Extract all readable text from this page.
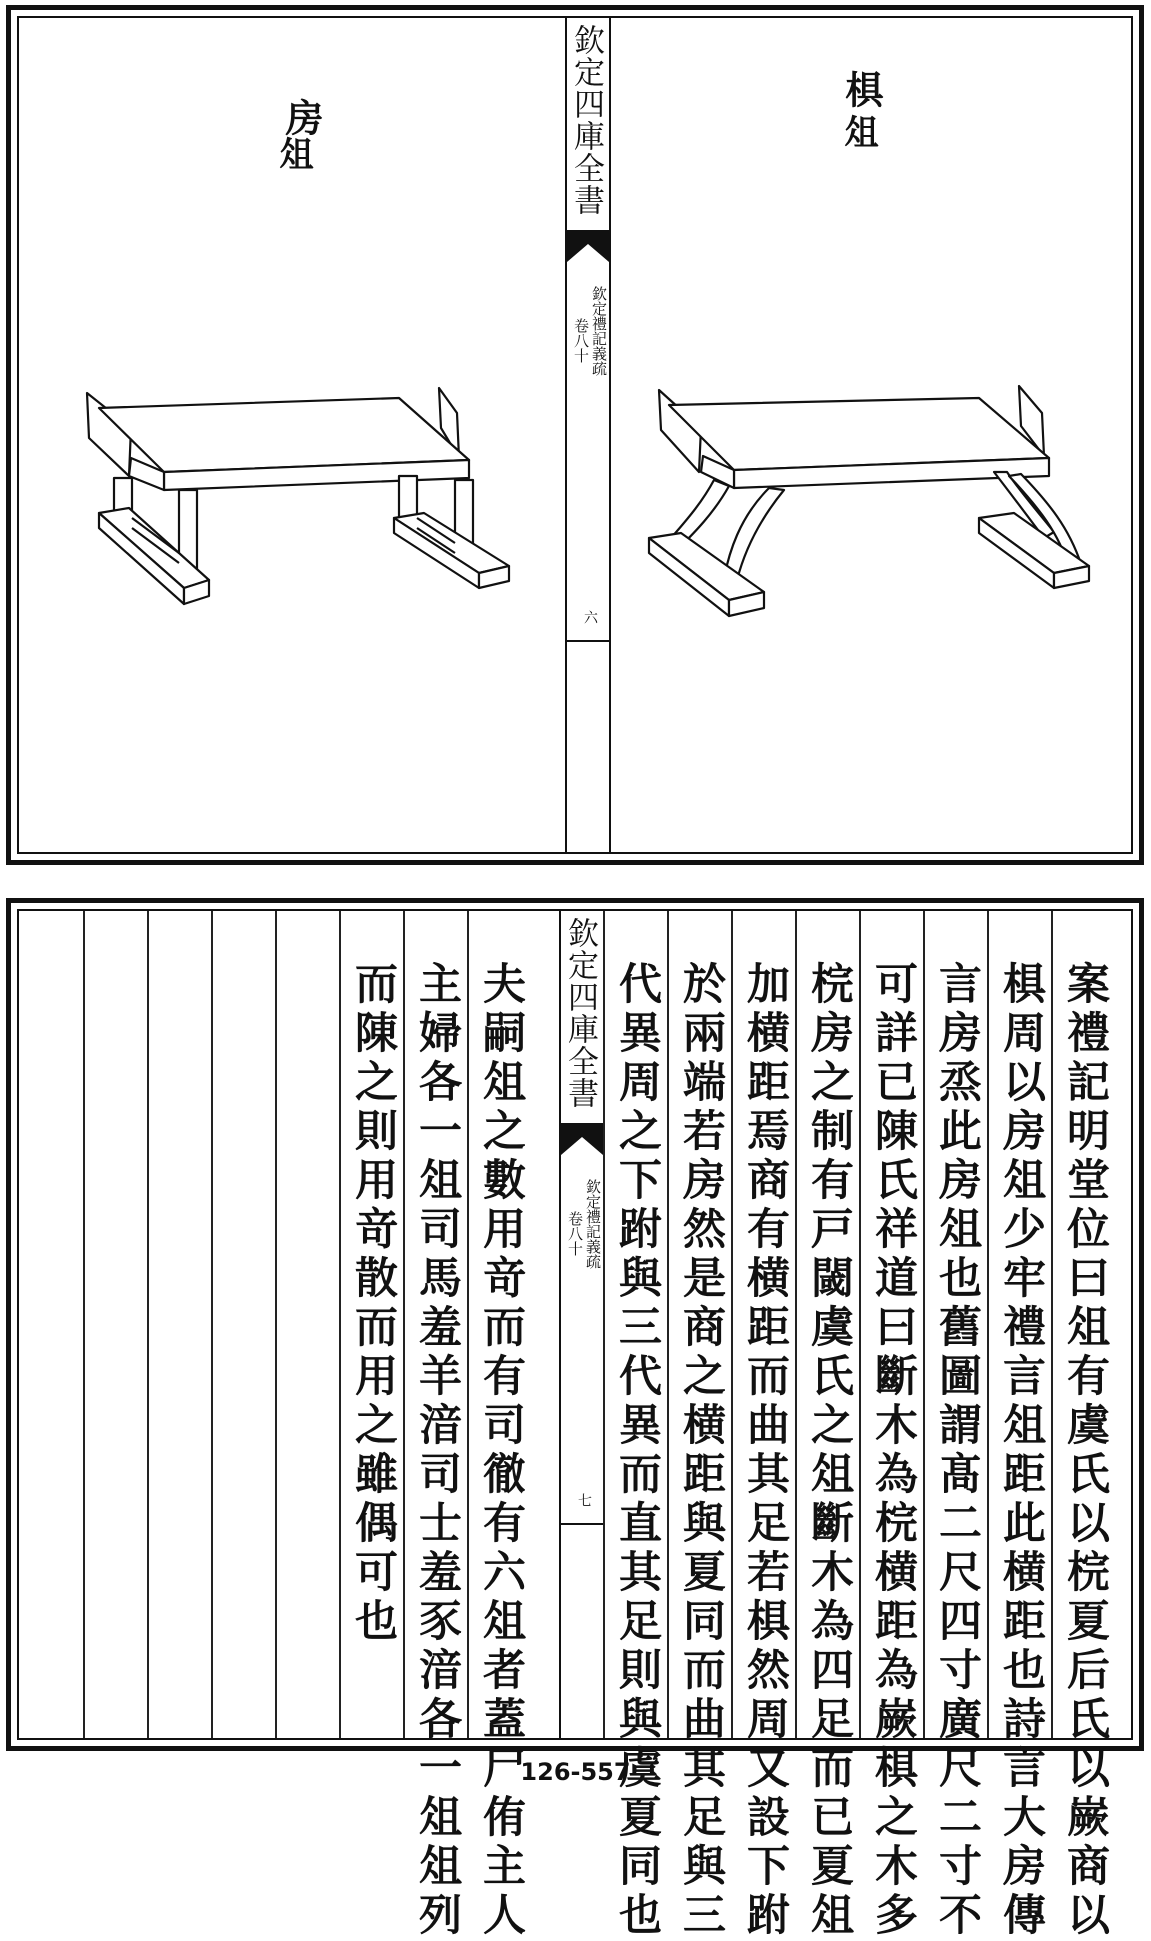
房
俎
椇
俎
欽定四庫全書
欽定禮記義疏
卷八十
六
而陳之則用竒散而用之雖偶可也 主婦各一俎司馬羞羊湆司士羞豕湆各一俎俎列 夫嗣俎之數用竒而有司徹有六俎者蓋尸侑主人 欽定四庫全書
欽定禮記義疏
卷八十
七 代異周之下跗與三代異而直其足則與虞夏同也 於兩端若房然是商之横距與夏同而曲其足與三 加横距焉商有横距而曲其足若椇然周又設下跗 梡房之制有戸閾虞氏之俎斷木為四足而已夏俎 可詳已陳氏祥道曰斷木為梡横距為嶡椇之木多 言房烝此房俎也舊圖謂髙二尺四寸廣尺二寸不 椇周以房俎少牢禮言俎距此横距也詩言大房傳 案禮記明堂位曰俎有虞氏以梡夏后氏以嶡商以
126-557
